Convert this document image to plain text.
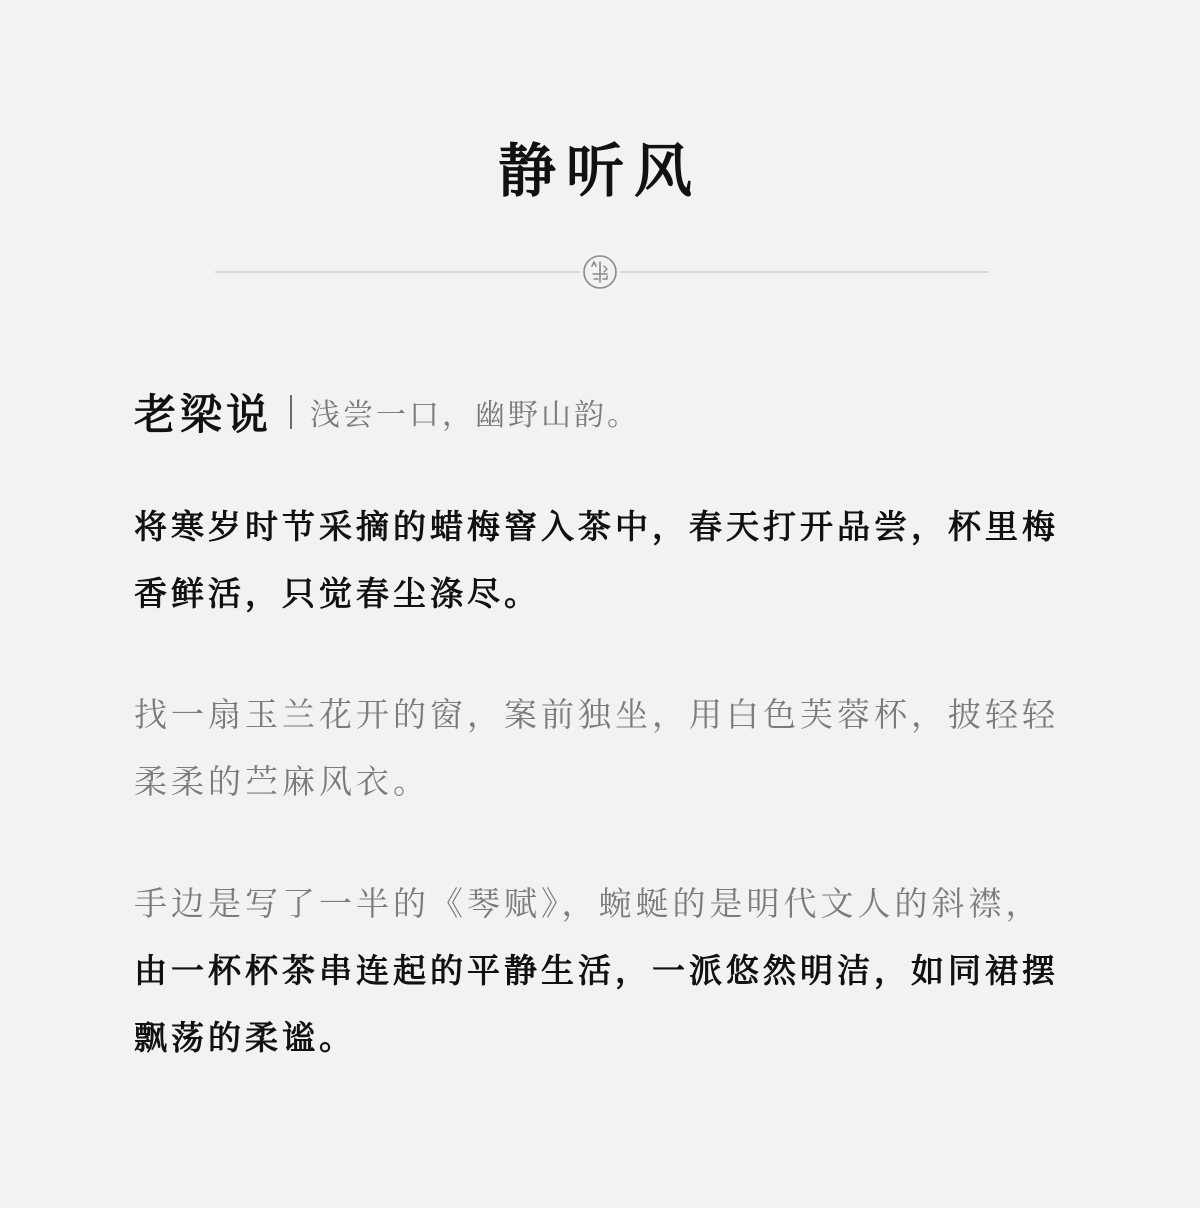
静听风
老梁说 浅尝一口，幽野山韵。
将寒岁时节采摘的蜡梅窨入茶中，春天打开品尝，杯里梅香鲜活，只觉春尘涤尽。
找一扇玉兰花开的窗，案前独坐，用白色芙蓉杯，披轻轻柔柔的苎麻风衣。
手边是写了一半的《琴赋》，蜿蜒的是明代文人的斜襟， 由一杯杯茶串连起的平静生活，一派悠然明洁，如同裙摆飘荡的柔谧。
